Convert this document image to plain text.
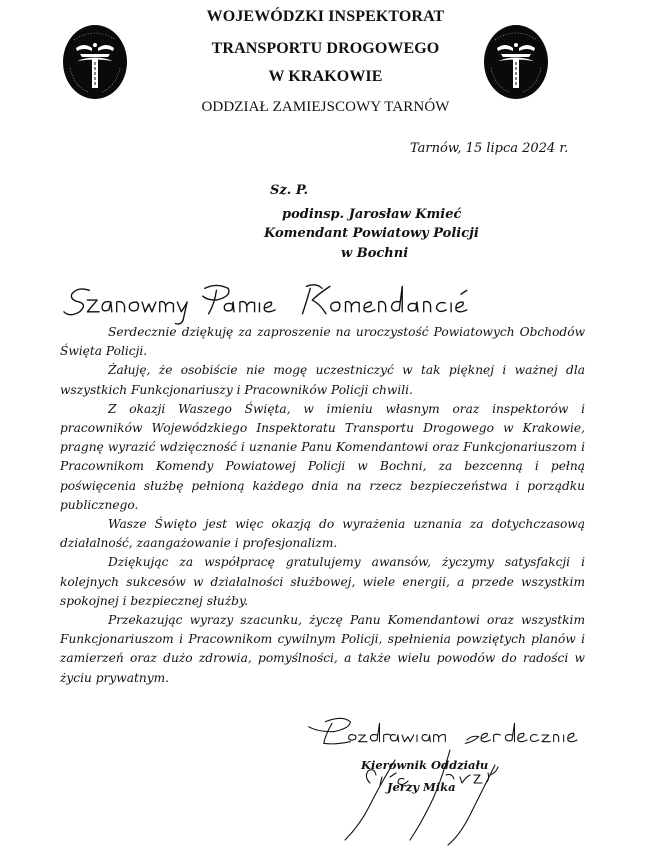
WOJEWÓDZKI INSPEKTORAT
TRANSPORTU DROGOWEGO
W KRAKOWIE
ODDZIAŁ ZAMIEJSCOWY TARNÓW
Tarnów, 15 lipca 2024 r.
Sz. P.
podinsp. Jarosław Kmieć
Komendant Powiatowy Policji
w Bochni

Serdecznie dziękuję za zaproszenie na uroczystość Powiatowych Obchodów Święta Policji.

Żałuję, że osobiście nie mogę uczestniczyć w tak pięknej i ważnej dla wszystkich Funkcjonariuszy i Pracowników Policji chwili.

Z okazji Waszego Święta, w imieniu własnym oraz inspektorów i pracowników Wojewódzkiego Inspektoratu Transportu Drogowego w Krakowie, pragnę wyrazić wdzięczność i uznanie Panu Komendantowi oraz Funkcjonariuszom i Pracownikom Komendy Powiatowej Policji w Bochni, za bezcenną i pełną poświęcenia służbę pełnioną każdego dnia na rzecz bezpieczeństwa i porządku publicznego.

Wasze Święto jest więc okazją do wyrażenia uznania za dotychczasową działalność, zaangażowanie i profesjonalizm.

Dziękując za współpracę gratulujemy awansów, życzymy satysfakcji i kolejnych sukcesów w działalności służbowej, wiele energii, a przede wszystkim spokojnej i bezpiecznej służby.

Przekazując wyrazy szacunku, życzę Panu Komendantowi oraz wszystkim Funkcjonariuszom i Pracownikom cywilnym Policji, spełnienia powziętych planów i zamierzeń oraz dużo zdrowia, pomyślności, a także wielu powodów do radości w życiu prywatnym.

Kierownik Oddziału
Jerzy Mika
